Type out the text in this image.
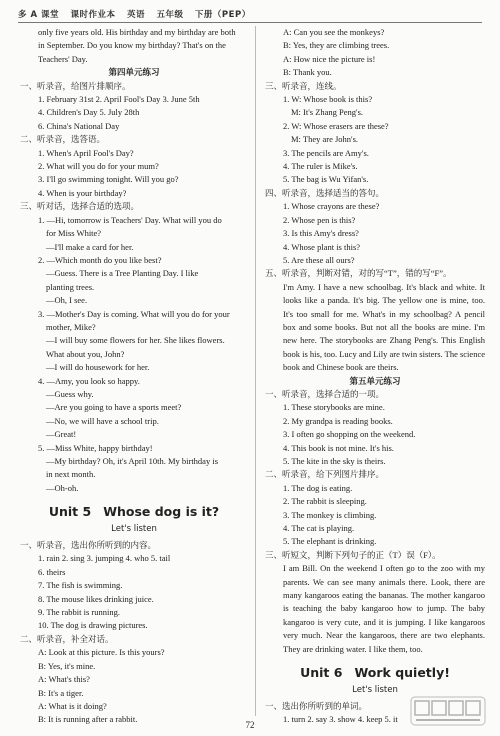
多 A 课堂 课时作业本 英语 五年级 下册（PEP）
only five years old. His birthday and my birthday are both
in September. Do you know my birthday? That's on the
Teachers' Day.
第四单元练习
一、听录音，给图片排顺序。
1. February 31st 2. April Fool's Day 3. June 5th
4. Children's Day 5. July 28th
6. China's National Day
二、听录音，选答语。
1. When's April Fool's Day?
2. What will you do for your mum?
3. I'll go swimming tonight. Will you go?
4. When is your birthday?
三、听对话，选择合适的选项。
1. —Hi, tomorrow is Teachers' Day. What will you do
for Miss White?
—I'll make a card for her.
2. —Which month do you like best?
—Guess. There is a Tree Planting Day. I like
planting trees.
—Oh, I see.
3. —Mother's Day is coming. What will you do for your
mother, Mike?
—I will buy some flowers for her. She likes flowers.
What about you, John?
—I will do housework for her.
4. —Amy, you look so happy.
—Guess why.
—Are you going to have a sports meet?
—No, we will have a school trip.
—Great!
5. —Miss White, happy birthday!
—My birthday? Oh, it's April 10th. My birthday is
in next month.
—Oh-oh.
Unit 5 Whose dog is it?
Let's listen
一、听录音，选出你所听到的内容。
1. rain 2. sing 3. jumping 4. who 5. tail
6. theirs
7. The fish is swimming.
8. The mouse likes drinking juice.
9. The rabbit is running.
10. The dog is drawing pictures.
二、听录音，补全对话。
A: Look at this picture. Is this yours?
B: Yes, it's mine.
A: What's this?
B: It's a tiger.
A: What is it doing?
B: It is running after a rabbit.
A: Can you see the monkeys?
B: Yes, they are climbing trees.
A: How nice the picture is!
B: Thank you.
三、听录音，连线。
1. W: Whose book is this?
M: It's Zhang Peng's.
2. W: Whose erasers are these?
M: They are John's.
3. The pencils are Amy's.
4. The ruler is Mike's.
5. The bag is Wu Yifan's.
四、听录音，选择适当的答句。
1. Whose crayons are these?
2. Whose pen is this?
3. Is this Amy's dress?
4. Whose plant is this?
5. Are these all ours?
五、听录音，判断对错，对的写“T”，错的写“F”。
I'm Amy. I have a new schoolbag. It's black and white. It looks like a panda. It's big. The yellow one is mine, too. It's too small for me. What's in my schoolbag? A pencil box and some books. But not all the books are mine. I'm new here. The storybooks are Zhang Peng's. This English book is his, too. Lucy and Lily are twin sisters. The science book and Chinese book are theirs.
第五单元练习
一、听录音，选择合适的一项。
1. These storybooks are mine.
2. My grandpa is reading books.
3. I often go shopping on the weekend.
4. This book is not mine. It's his.
5. The kite in the sky is theirs.
二、听录音，给下列图片排序。
1. The dog is eating.
2. The rabbit is sleeping.
3. The monkey is climbing.
4. The cat is playing.
5. The elephant is drinking.
三、听短文，判断下列句子的正（T）误（F）。
I am Bill. On the weekend I often go to the zoo with my parents. We can see many animals there. Look, there are many kangaroos eating the bananas. The mother kangaroo is teaching the baby kangaroo how to jump. The baby kangaroo is very cute, and it is jumping. I like kangaroos very much. Near the kangaroos, there are two elephants. They are drinking water. I like them, too.
Unit 6 Work quietly!
Let's listen
一、选出你所听到的单词。
1. turn 2. say 3. show 4. keep 5. it
72
